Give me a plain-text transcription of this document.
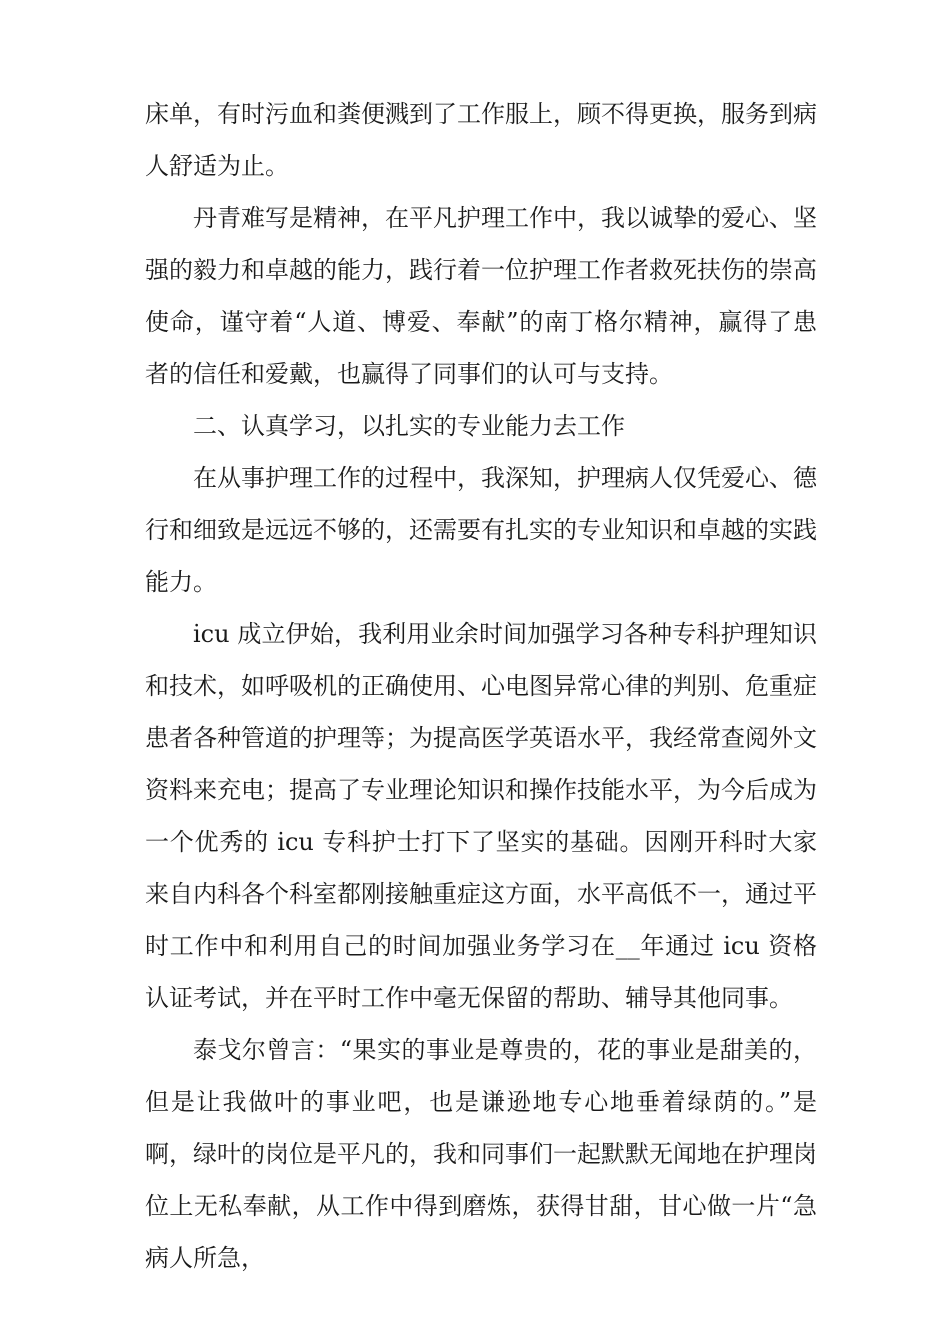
床单，有时污血和粪便溅到了工作服上，顾不得更换，服务到病人舒适为止。

丹青难写是精神，在平凡护理工作中，我以诚挚的爱心、坚强的毅力和卓越的能力，践行着一位护理工作者救死扶伤的崇高使命，谨守着“人道、博爱、奉献”的南丁格尔精神，赢得了患者的信任和爱戴，也赢得了同事们的认可与支持。

二、认真学习，以扎实的专业能力去工作

在从事护理工作的过程中，我深知，护理病人仅凭爱心、德行和细致是远远不够的，还需要有扎实的专业知识和卓越的实践能力。

icu 成立伊始，我利用业余时间加强学习各种专科护理知识和技术，如呼吸机的正确使用、心电图异常心律的判别、危重症患者各种管道的护理等；为提高医学英语水平，我经常查阅外文资料来充电；提高了专业理论知识和操作技能水平，为今后成为一个优秀的 icu 专科护士打下了坚实的基础。因刚开科时大家来自内科各个科室都刚接触重症这方面，水平高低不一，通过平时工作中和利用自己的时间加强业务学习在__年通过 icu 资格认证考试，并在平时工作中毫无保留的帮助、辅导其他同事。

泰戈尔曾言：“果实的事业是尊贵的，花的事业是甜美的，但是让我做叶的事业吧，也是谦逊地专心地垂着绿荫的。”是啊，绿叶的岗位是平凡的，我和同事们一起默默无闻地在护理岗位上无私奉献，从工作中得到磨炼，获得甘甜，甘心做一片“急病人所急，
